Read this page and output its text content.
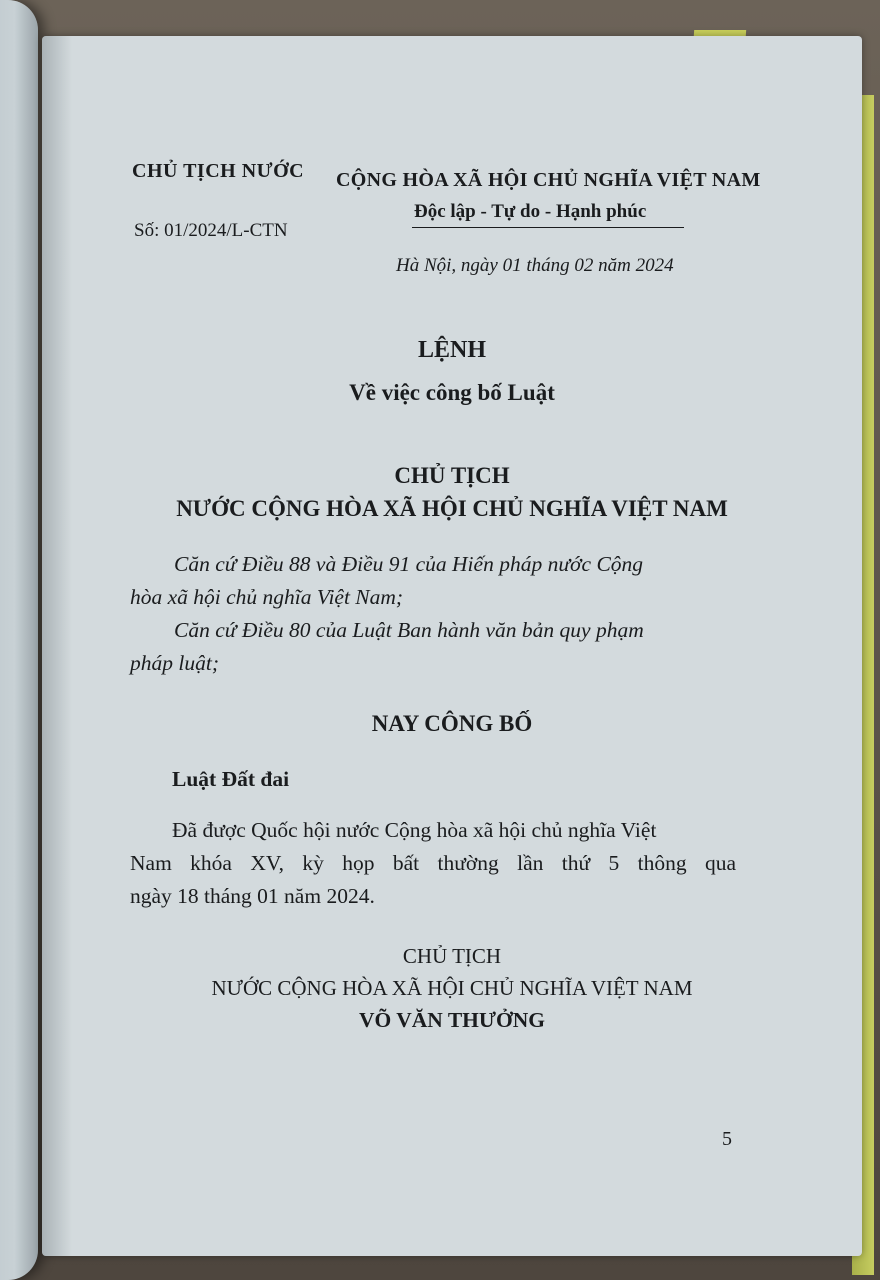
CHỦ TỊCH NƯỚC
Số: 01/2024/L-CTN
CỘNG HÒA XÃ HỘI CHỦ NGHĨA VIỆT NAM
Độc lập - Tự do - Hạnh phúc
Hà Nội, ngày 01 tháng 02 năm 2024
LỆNH
Về việc công bố Luật
CHỦ TỊCH
NƯỚC CỘNG HÒA XÃ HỘI CHỦ NGHĨA VIỆT NAM
Căn cứ Điều 88 và Điều 91 của Hiến pháp nước Cộng
hòa xã hội chủ nghĩa Việt Nam;
Căn cứ Điều 80 của Luật Ban hành văn bản quy phạm
pháp luật;
NAY CÔNG BỐ
Luật Đất đai
Đã được Quốc hội nước Cộng hòa xã hội chủ nghĩa Việt
Nam khóa XV, kỳ họp bất thường lần thứ 5 thông qua
ngày 18 tháng 01 năm 2024.
CHỦ TỊCH
NƯỚC CỘNG HÒA XÃ HỘI CHỦ NGHĨA VIỆT NAM
VÕ VĂN THƯỞNG
5
